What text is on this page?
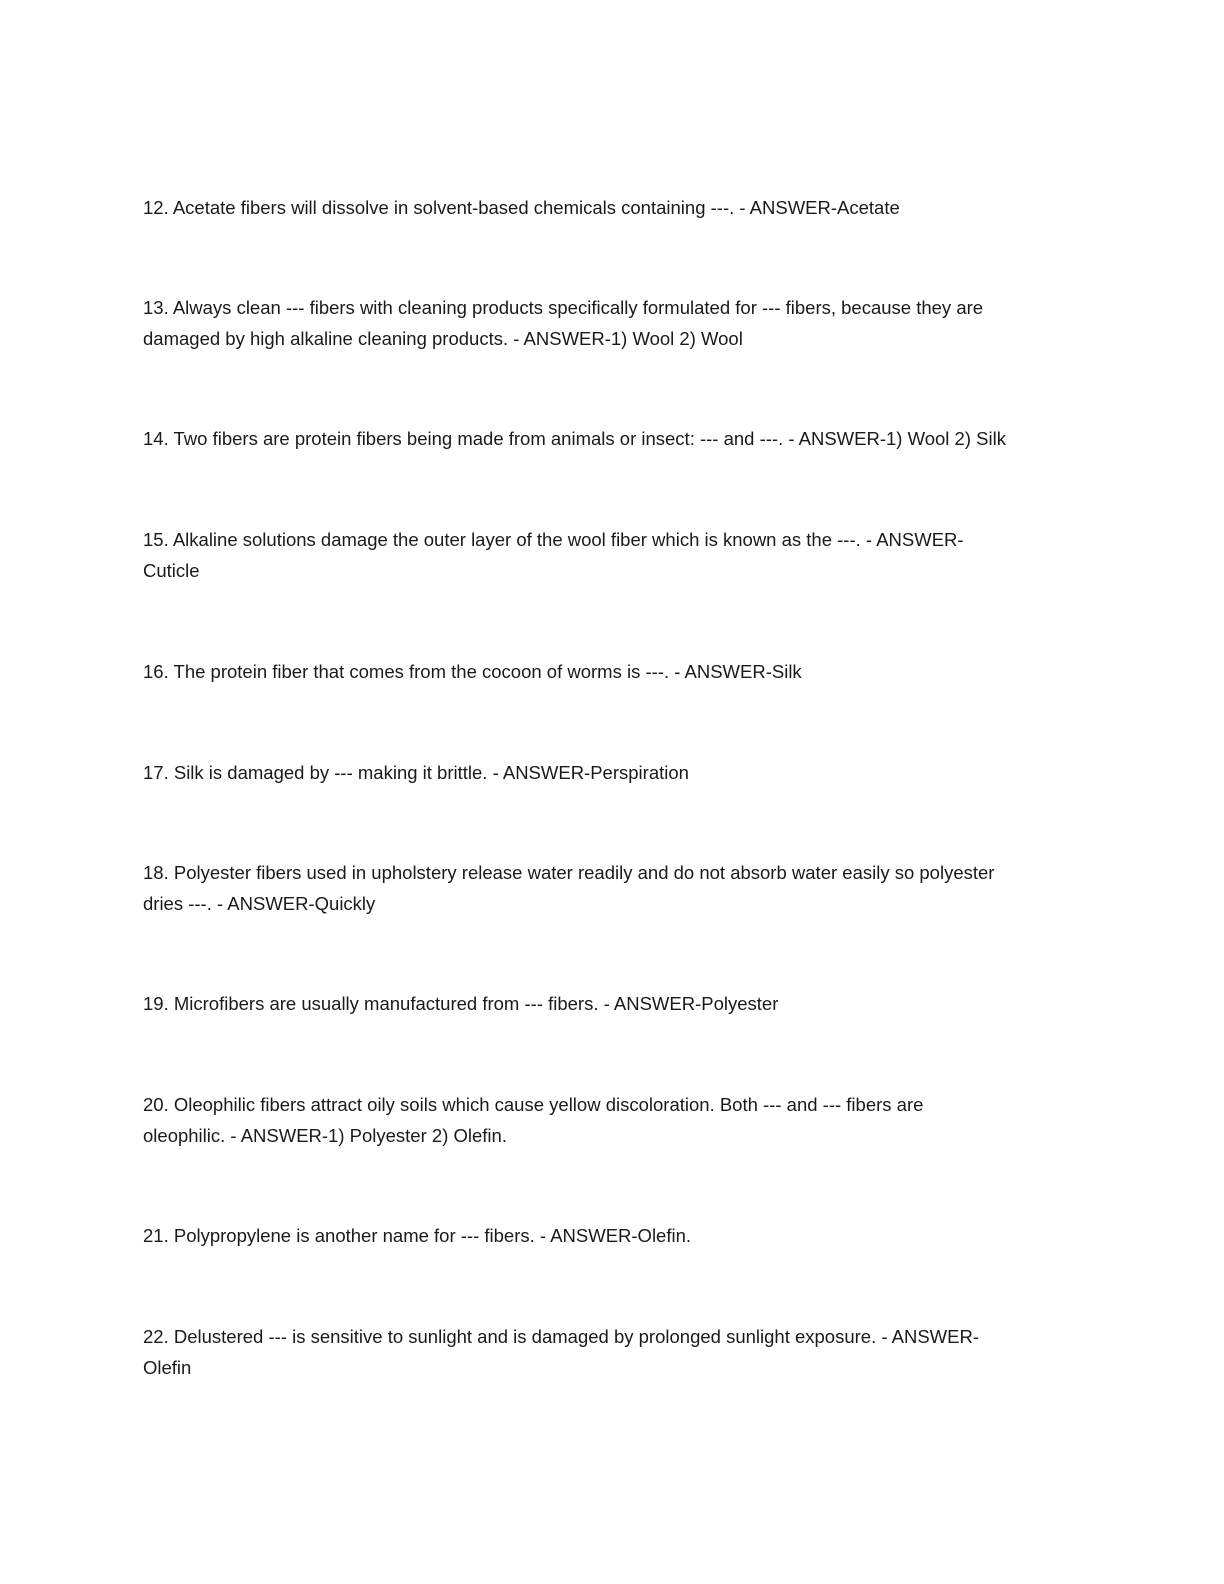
12. Acetate fibers will dissolve in solvent-based chemicals containing ---. - ANSWER-Acetate

13. Always clean --- fibers with cleaning products specifically formulated for --- fibers, because they are
damaged by high alkaline cleaning products. - ANSWER-1) Wool 2) Wool

14. Two fibers are protein fibers being made from animals or insect: --- and ---. - ANSWER-1) Wool 2) Silk

15. Alkaline solutions damage the outer layer of the wool fiber which is known as the ---. - ANSWER-
Cuticle

16. The protein fiber that comes from the cocoon of worms is ---. - ANSWER-Silk

17. Silk is damaged by --- making it brittle. - ANSWER-Perspiration

18. Polyester fibers used in upholstery release water readily and do not absorb water easily so polyester
dries ---. - ANSWER-Quickly

19. Microfibers are usually manufactured from --- fibers. - ANSWER-Polyester

20. Oleophilic fibers attract oily soils which cause yellow discoloration. Both --- and --- fibers are
oleophilic. - ANSWER-1) Polyester 2) Olefin.

21. Polypropylene is another name for --- fibers. - ANSWER-Olefin.

22. Delustered --- is sensitive to sunlight and is damaged by prolonged sunlight exposure. - ANSWER-
Olefin
